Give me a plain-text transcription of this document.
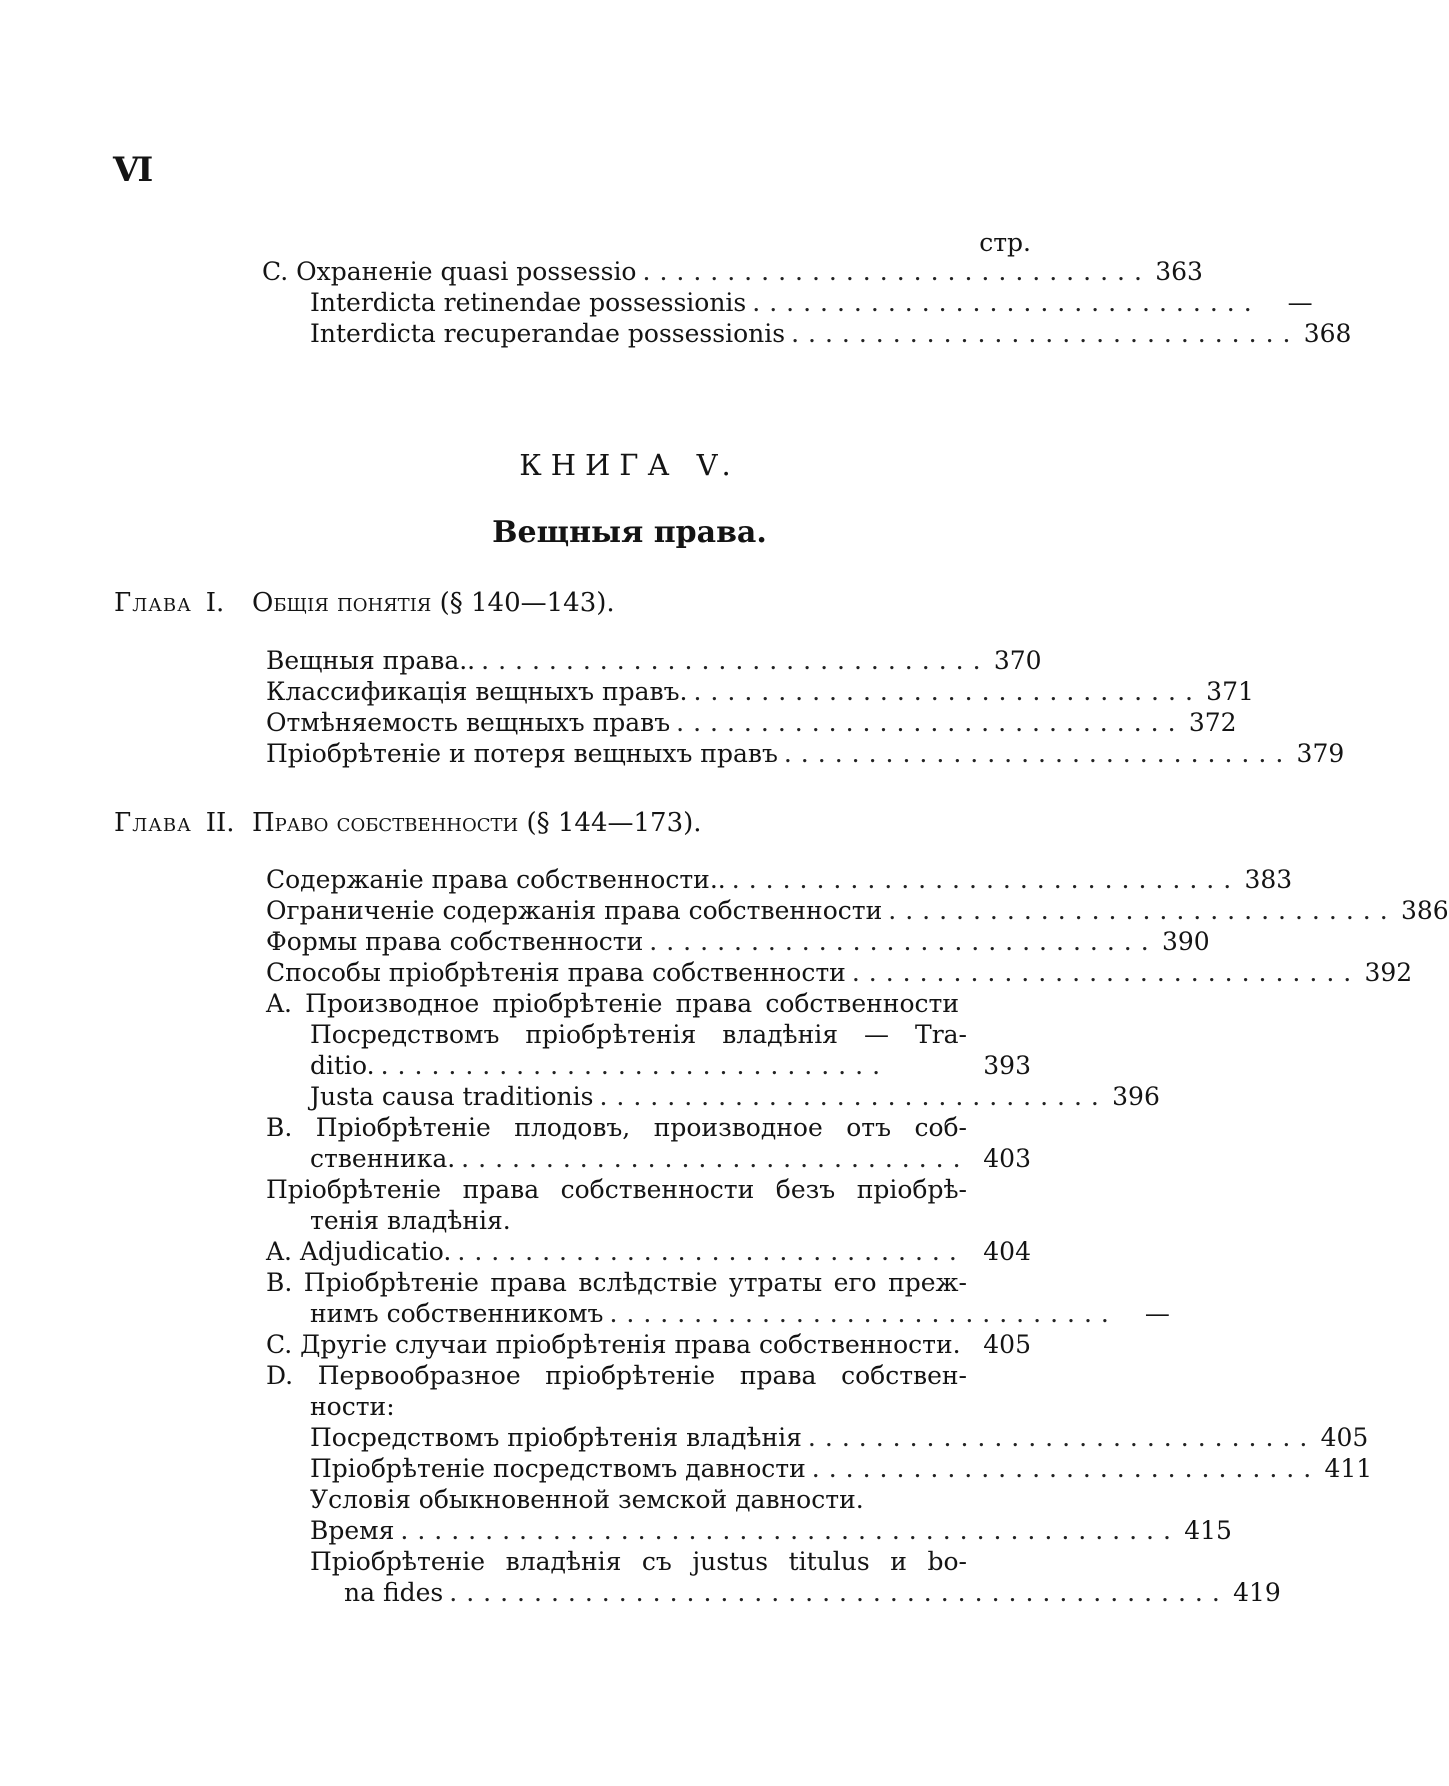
VI
стр.
C. Охраненіе quasi possessio .............................. 363
Interdicta retinendae possessionis ..............................	—
Interdicta recuperandae possessionis .............................. 368
КНИГА V.
Вещныя права.
Глава I. Общія понятія (§ 140—143).
Вещныя права.. .............................. 370
Классификація вещныхъ правъ. .............................. 371
Отмѣняемость вещныхъ правъ .............................. 372
Пріобрѣтеніе и потеря вещныхъ правъ .............................. 379
Глава II. Право собственности (§ 144—173).
Содержаніе права собственности.. .............................. 383
Ограниченіе содержанія права собственности .............................. 386
Формы права собственности .............................. 390
Способы пріобрѣтенія права собственности .............................. 392
A. Производное пріобрѣтеніе права собственности
Посредствомъ пріобрѣтенія владѣнія — Tra-
ditio. ..............................	393
Justa causa traditionis .............................. 396
B. Пріобрѣтеніе плодовъ, производное отъ соб-
ственника. .............................. 403
Пріобрѣтеніе права собственности безъ пріобрѣ-
тенія владѣнія.
A. Adjudicatio. .............................. 404
B. Пріобрѣтеніе права вслѣдствіе утраты его преж-
нимъ собственникомъ ..............................	—
C. Другіе случаи пріобрѣтенія права собственности. 405
D. Первообразное пріобрѣтеніе права собствен-
ности:
Посредствомъ пріобрѣтенія владѣнія .............................. 405
Пріобрѣтеніе посредствомъ давности .............................. 411
Условія обыкновенной земской давности.
Время .............................................. 415
Пріобрѣтеніе владѣнія съ justus titulus и bo-
na fides .............................................. 419
